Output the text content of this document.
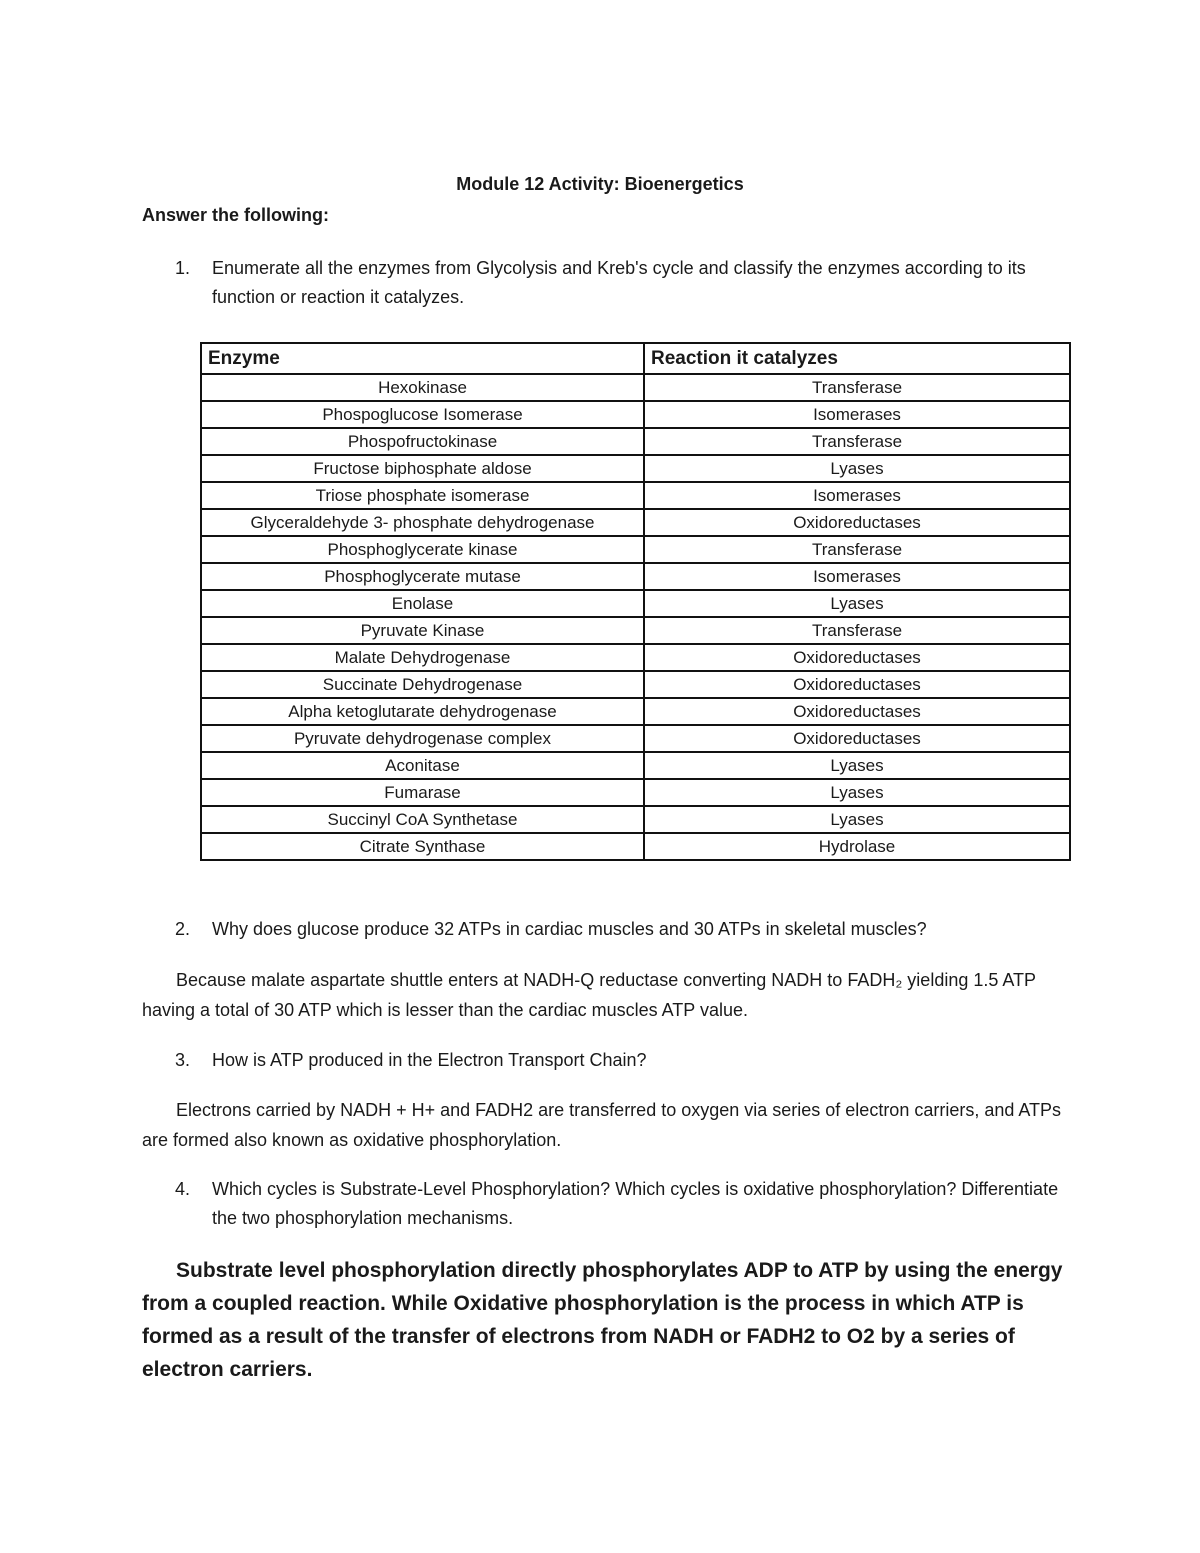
Module 12 Activity: Bioenergetics
Answer the following:
1. Enumerate all the enzymes from Glycolysis and Kreb's cycle and classify the enzymes according to its function or reaction it catalyzes.
Enzyme	Reaction it catalyzes
Hexokinase	Transferase
Phospoglucose Isomerase	Isomerases
Phospofructokinase	Transferase
Fructose biphosphate aldose	Lyases
Triose phosphate isomerase	Isomerases
Glyceraldehyde 3- phosphate dehydrogenase	Oxidoreductases
Phosphoglycerate kinase	Transferase
Phosphoglycerate mutase	Isomerases
Enolase	Lyases
Pyruvate Kinase	Transferase
Malate Dehydrogenase	Oxidoreductases
Succinate Dehydrogenase	Oxidoreductases
Alpha ketoglutarate dehydrogenase	Oxidoreductases
Pyruvate dehydrogenase complex	Oxidoreductases
Aconitase	Lyases
Fumarase	Lyases
Succinyl CoA Synthetase	Lyases
Citrate Synthase	Hydrolase
2. Why does glucose produce 32 ATPs in cardiac muscles and 30 ATPs in skeletal muscles?
Because malate aspartate shuttle enters at NADH-Q reductase converting NADH to FADH₂ yielding 1.5 ATP having a total of 30 ATP which is lesser than the cardiac muscles ATP value.
3. How is ATP produced in the Electron Transport Chain?
Electrons carried by NADH + H+ and FADH2 are transferred to oxygen via series of electron carriers, and ATPs are formed also known as oxidative phosphorylation.
4. Which cycles is Substrate-Level Phosphorylation? Which cycles is oxidative phosphorylation? Differentiate the two phosphorylation mechanisms.
Substrate level phosphorylation directly phosphorylates ADP to ATP by using the energy from a coupled reaction. While Oxidative phosphorylation is the process in which ATP is formed as a result of the transfer of electrons from NADH or FADH2 to O2 by a series of electron carriers.
